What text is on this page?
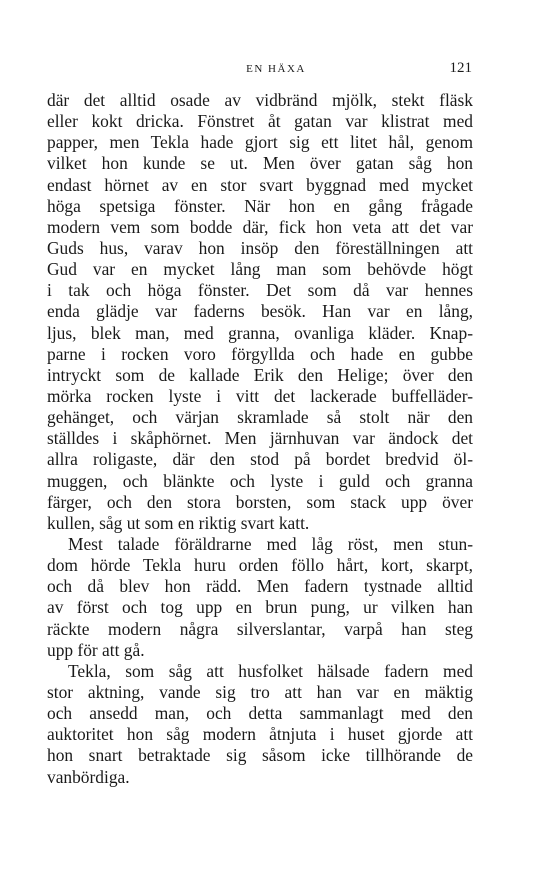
EN HÄXA	121
där det alltid osade av vidbränd mjölk, stekt fläsk
eller kokt dricka. Fönstret åt gatan var klistrat med
papper, men Tekla hade gjort sig ett litet hål, genom
vilket hon kunde se ut. Men över gatan såg hon
endast hörnet av en stor svart byggnad med mycket
höga spetsiga fönster. När hon en gång frågade
modern vem som bodde där, fick hon veta att det var
Guds hus, varav hon insöp den föreställningen att
Gud var en mycket lång man som behövde högt
i tak och höga fönster. Det som då var hennes
enda glädje var faderns besök. Han var en lång,
ljus, blek man, med granna, ovanliga kläder. Knap-
parne i rocken voro förgyllda och hade en gubbe
intryckt som de kallade Erik den Helige; över den
mörka rocken lyste i vitt det lackerade buffelläder-
gehänget, och värjan skramlade så stolt när den
ställdes i skåphörnet. Men järnhuvan var ändock det
allra roligaste, där den stod på bordet bredvid öl-
muggen, och blänkte och lyste i guld och granna
färger, och den stora borsten, som stack upp över
kullen, såg ut som en riktig svart katt.
Mest talade föräldrarne med låg röst, men stun-
dom hörde Tekla huru orden föllo hårt, kort, skarpt,
och då blev hon rädd. Men fadern tystnade alltid
av först och tog upp en brun pung, ur vilken han
räckte modern några silverslantar, varpå han steg
upp för att gå.
Tekla, som såg att husfolket hälsade fadern med
stor aktning, vande sig tro att han var en mäktig
och ansedd man, och detta sammanlagt med den
auktoritet hon såg modern åtnjuta i huset gjorde att
hon snart betraktade sig såsom icke tillhörande de
vanbördiga.
